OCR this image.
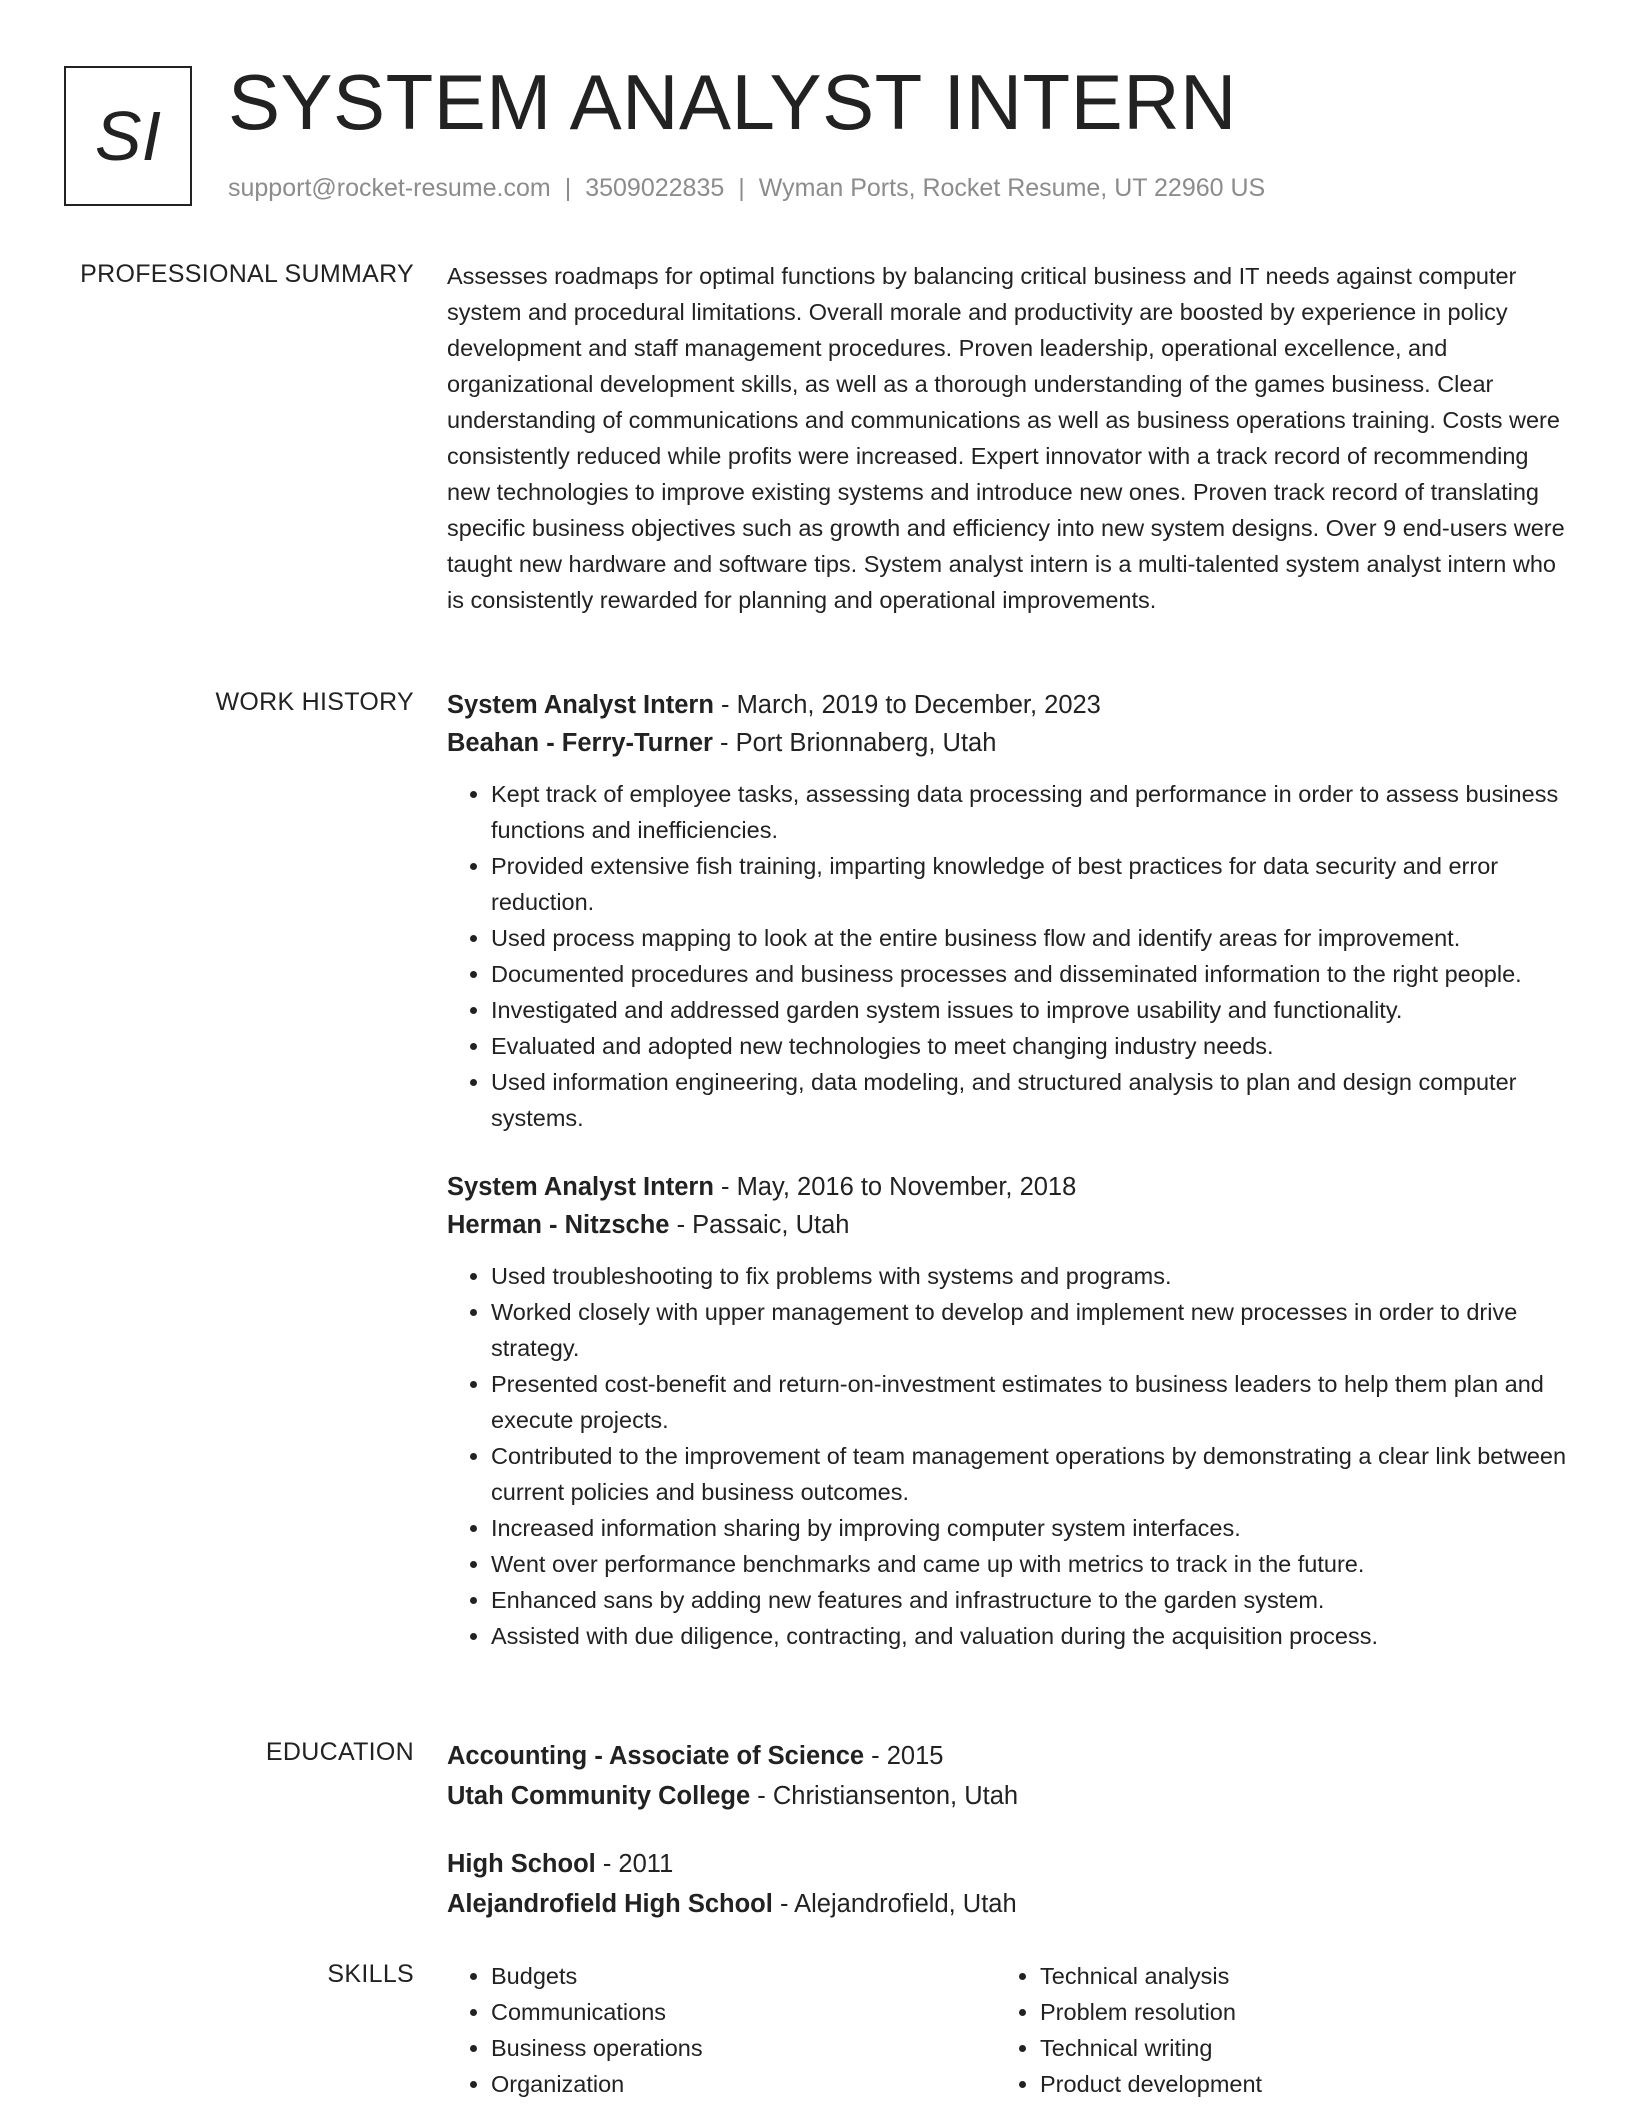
SI SYSTEM ANALYST INTERN
support@rocket-resume.com | 3509022835 | Wyman Ports, Rocket Resume, UT 22960 US
PROFESSIONAL SUMMARY Assesses roadmaps for optimal functions by balancing critical business and IT needs against computer system and procedural limitations. Overall morale and productivity are boosted by experience in policy development and staff management procedures. Proven leadership, operational excellence, and organizational development skills, as well as a thorough understanding of the games business. Clear understanding of communications and communications as well as business operations training. Costs were consistently reduced while profits were increased. Expert innovator with a track record of recommending new technologies to improve existing systems and introduce new ones. Proven track record of translating specific business objectives such as growth and efficiency into new system designs. Over 9 end-users were taught new hardware and software tips. System analyst intern is a multi-talented system analyst intern who is consistently rewarded for planning and operational improvements.

WORK HISTORY System Analyst Intern - March, 2019 to December, 2023
Beahan - Ferry-Turner - Port Brionnaberg, Utah
• Kept track of employee tasks, assessing data processing and performance in order to assess business functions and inefficiencies.
• Provided extensive fish training, imparting knowledge of best practices for data security and error reduction.
• Used process mapping to look at the entire business flow and identify areas for improvement.
• Documented procedures and business processes and disseminated information to the right people.
• Investigated and addressed garden system issues to improve usability and functionality.
• Evaluated and adopted new technologies to meet changing industry needs.
• Used information engineering, data modeling, and structured analysis to plan and design computer systems.
System Analyst Intern - May, 2016 to November, 2018
Herman - Nitzsche - Passaic, Utah
• Used troubleshooting to fix problems with systems and programs.
• Worked closely with upper management to develop and implement new processes in order to drive strategy.
• Presented cost-benefit and return-on-investment estimates to business leaders to help them plan and execute projects.
• Contributed to the improvement of team management operations by demonstrating a clear link between current policies and business outcomes.
• Increased information sharing by improving computer system interfaces.
• Went over performance benchmarks and came up with metrics to track in the future.
• Enhanced sans by adding new features and infrastructure to the garden system.
• Assisted with due diligence, contracting, and valuation during the acquisition process.
EDUCATION Accounting - Associate of Science - 2015
Utah Community College - Christiansenton, Utah
High School - 2011
Alejandrofield High School - Alejandrofield, Utah
SKILLS
•	Budgets
• Communications
• Business operations
• Organization
• Technical analysis
• Problem resolution
• Technical writing
• Product development
